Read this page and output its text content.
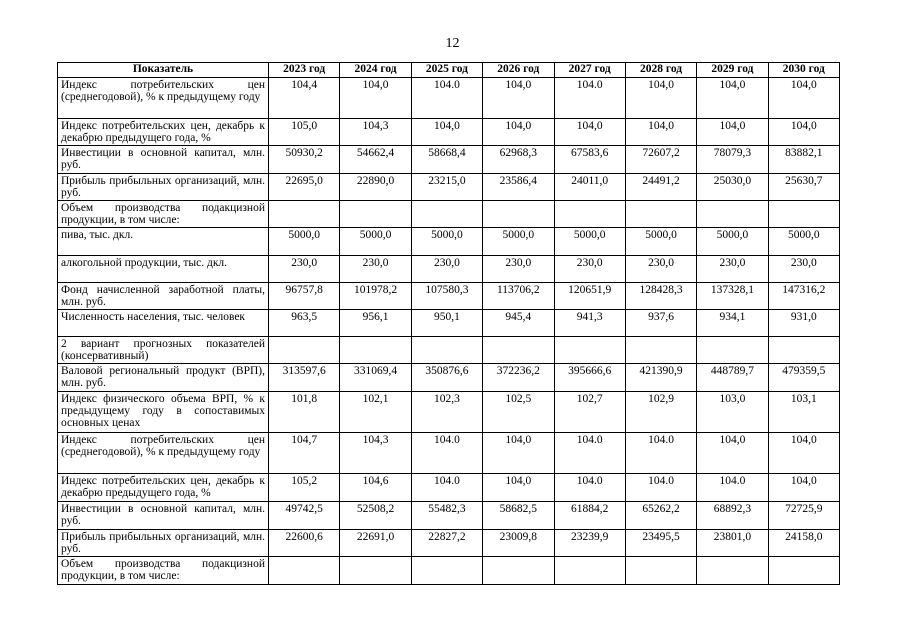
12
Показатель	2023 год	2024 год	2025 год	2026 год	2027 год	2028 год	2029 год	2030 год
Индекс потребительских цен (среднегодовой), % к предыдущему году	104,4	104,0	104.0	104,0	104.0	104,0	104,0	104,0
Индекс потребительских цен, декабрь к декабрю предыдущего года, %	105,0	104,3	104,0	104,0	104,0	104,0	104,0	104,0
Инвестиции в основной капитал, млн. руб.	50930,2	54662,4	58668,4	62968,3	67583,6	72607,2	78079,3	83882,1
Прибыль прибыльных организаций, млн. руб.	22695,0	22890,0	23215,0	23586,4	24011,0	24491,2	25030,0	25630,7
Объем производства подакцизной продукции, в том числе:								
пива, тыс. дкл.	5000,0	5000,0	5000,0	5000,0	5000,0	5000,0	5000,0	5000,0
алкогольной продукции, тыс. дкл.	230,0	230,0	230,0	230,0	230,0	230,0	230,0	230,0
Фонд начисленной заработной платы, млн. руб.	96757,8	101978,2	107580,3	113706,2	120651,9	128428,3	137328,1	147316,2
Численность населения, тыс. человек	963,5	956,1	950,1	945,4	941,3	937,6	934,1	931,0
2 вариант прогнозных показателей (консервативный)								
Валовой региональный продукт (ВРП), млн. руб.	313597,6	331069,4	350876,6	372236,2	395666,6	421390,9	448789,7	479359,5
Индекс физического объема ВРП, % к предыдущему году в сопоставимых основных ценах	101,8	102,1	102,3	102,5	102,7	102,9	103,0	103,1
Индекс потребительских цен (среднегодовой), % к предыдущему году	104,7	104,3	104.0	104,0	104.0	104.0	104,0	104,0
Индекс потребительских цен, декабрь к декабрю предыдущего года, %	105,2	104,6	104.0	104,0	104.0	104.0	104.0	104,0
Инвестиции в основной капитал, млн. руб.	49742,5	52508,2	55482,3	58682,5	61884,2	65262,2	68892,3	72725,9
Прибыль прибыльных организаций, млн. руб.	22600,6	22691,0	22827,2	23009,8	23239,9	23495,5	23801,0	24158,0
Объем производства подакцизной продукции, в том числе:								
